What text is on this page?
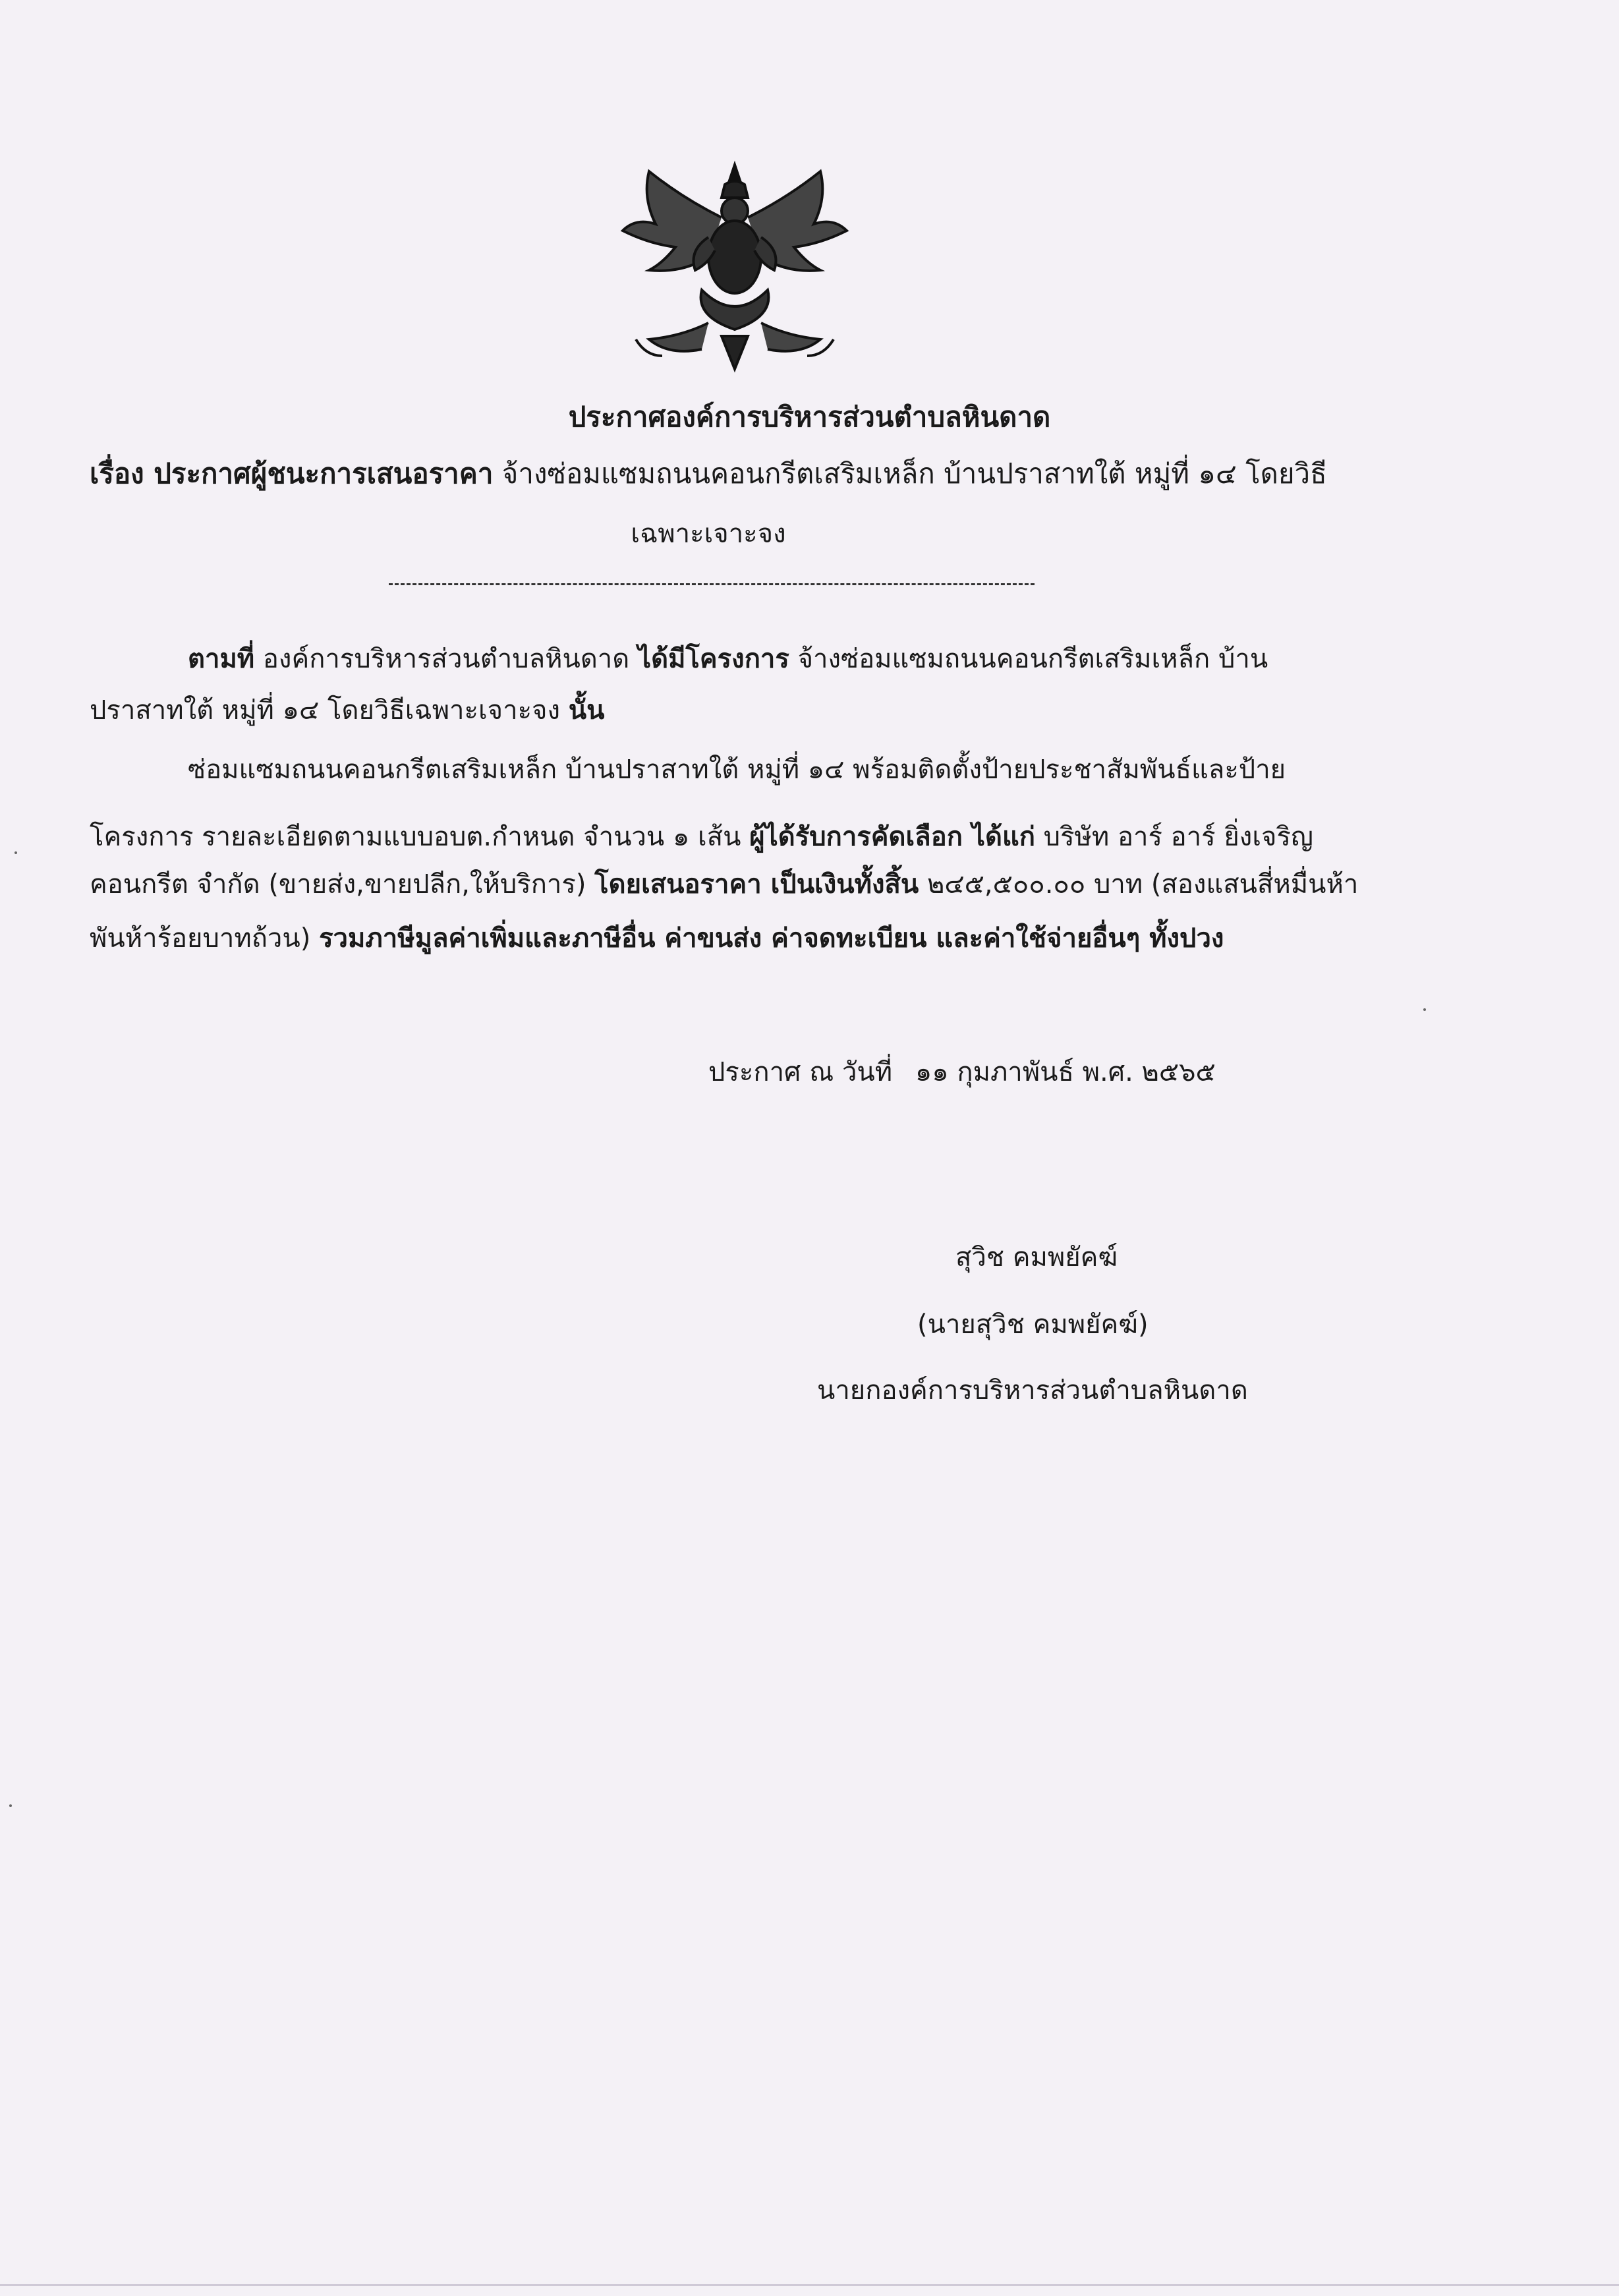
ประกาศองค์การบริหารส่วนตำบลหินดาด
เรื่อง ประกาศผู้ชนะการเสนอราคา จ้างซ่อมแซมถนนคอนกรีตเสริมเหล็ก บ้านปราสาทใต้ หมู่ที่ ๑๔ โดยวิธี
เฉพาะเจาะจง
ตามที่ องค์การบริหารส่วนตำบลหินดาด ได้มีโครงการ จ้างซ่อมแซมถนนคอนกรีตเสริมเหล็ก บ้าน
ปราสาทใต้ หมู่ที่ ๑๔ โดยวิธีเฉพาะเจาะจง นั้น
ซ่อมแซมถนนคอนกรีตเสริมเหล็ก บ้านปราสาทใต้ หมู่ที่ ๑๔ พร้อมติดตั้งป้ายประชาสัมพันธ์และป้าย
โครงการ รายละเอียดตามแบบอบต.กำหนด จำนวน ๑ เส้น ผู้ได้รับการคัดเลือก ได้แก่ บริษัท อาร์ อาร์ ยิ่งเจริญ
คอนกรีต จำกัด (ขายส่ง,ขายปลีก,ให้บริการ) โดยเสนอราคา เป็นเงินทั้งสิ้น ๒๔๕,๕๐๐.๐๐ บาท (สองแสนสี่หมื่นห้า
พันห้าร้อยบาทถ้วน) รวมภาษีมูลค่าเพิ่มและภาษีอื่น ค่าขนส่ง ค่าจดทะเบียน และค่าใช้จ่ายอื่นๆ ทั้งปวง
ประกาศ ณ วันที่ ๑๑ กุมภาพันธ์ พ.ศ. ๒๕๖๕
สุวิช คมพยัคฆ์
(นายสุวิช คมพยัคฆ์)
นายกองค์การบริหารส่วนตำบลหินดาด
